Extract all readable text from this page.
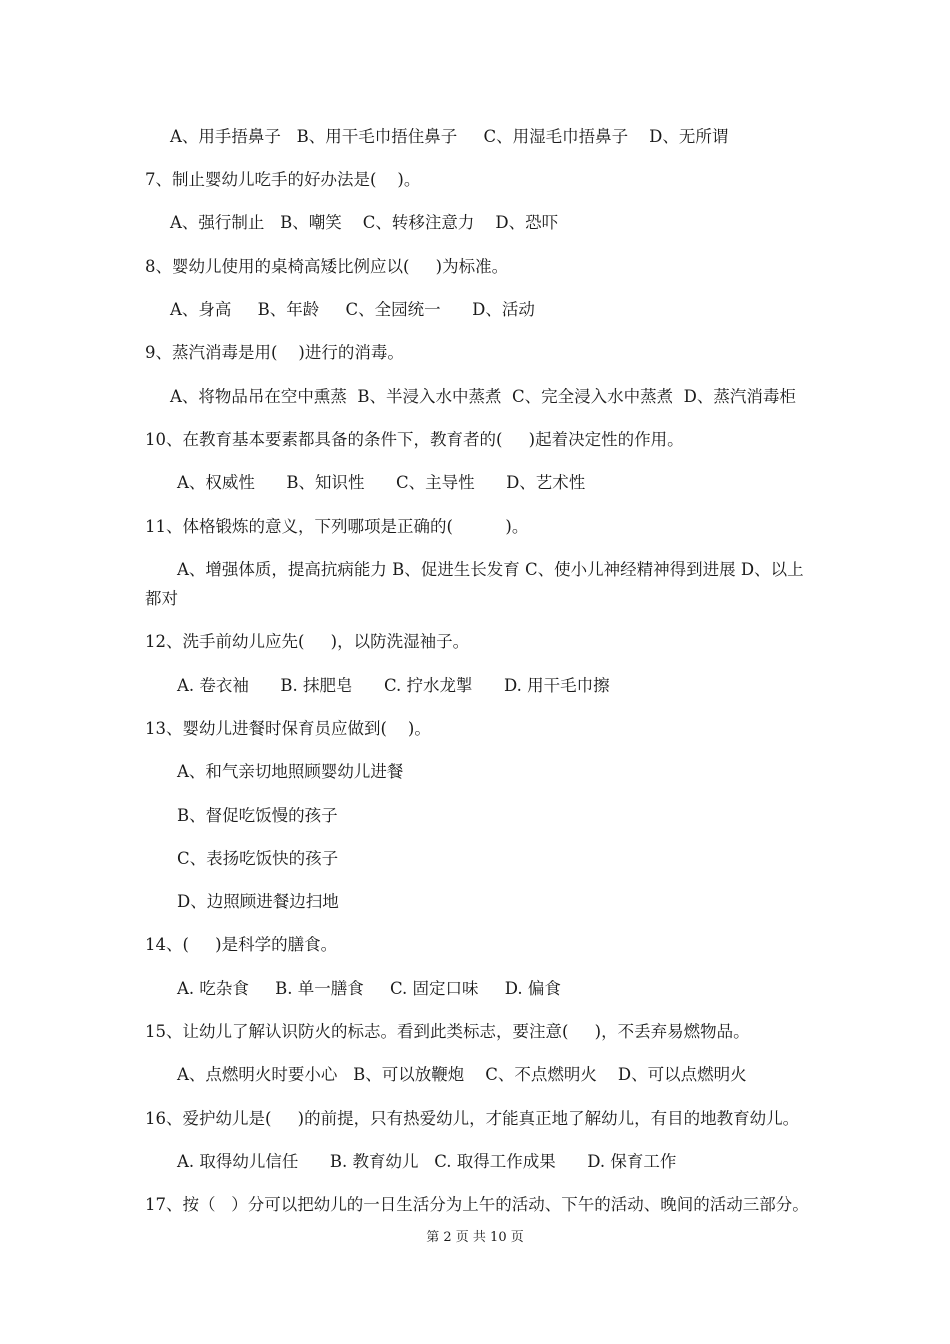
A、用手捂鼻子   B、用干毛巾捂住鼻子     C、用湿毛巾捂鼻子    D、无所谓
7、制止婴幼儿吃手的好办法是(    )。
A、强行制止   B、嘲笑    C、转移注意力    D、恐吓
8、婴幼儿使用的桌椅高矮比例应以(     )为标准。
A、身高     B、年龄     C、全园统一      D、活动
9、蒸汽消毒是用(    )进行的消毒。
A、将物品吊在空中熏蒸  B、半浸入水中蒸煮  C、完全浸入水中蒸煮  D、蒸汽消毒柜
10、在教育基本要素都具备的条件下，教育者的(     )起着决定性的作用。
A、权威性      B、知识性      C、主导性      D、艺术性
11、体格锻炼的意义，下列哪项是正确的(          )。
A、增强体质，提高抗病能力 B、促进生长发育 C、使小儿神经精神得到进展 D、以上
都对
12、洗手前幼儿应先(     )，以防洗湿袖子。
A. 卷衣袖      B. 抹肥皂      C. 拧水龙掣      D. 用干毛巾擦
13、婴幼儿进餐时保育员应做到(    )。
A、和气亲切地照顾婴幼儿进餐
B、督促吃饭慢的孩子
C、表扬吃饭快的孩子
D、边照顾进餐边扫地
14、(     )是科学的膳食。
A. 吃杂食     B. 单一膳食     C. 固定口味     D. 偏食
15、让幼儿了解认识防火的标志。看到此类标志，要注意(     )，不丢弃易燃物品。
A、点燃明火时要小心   B、可以放鞭炮    C、不点燃明火    D、可以点燃明火
16、爱护幼儿是(     )的前提，只有热爱幼儿，才能真正地了解幼儿，有目的地教育幼儿。
A. 取得幼儿信任      B. 教育幼儿   C. 取得工作成果      D. 保育工作
17、按（   ）分可以把幼儿的一日生活分为上午的活动、下午的活动、晚间的活动三部分。
第 2 页 共 10 页
